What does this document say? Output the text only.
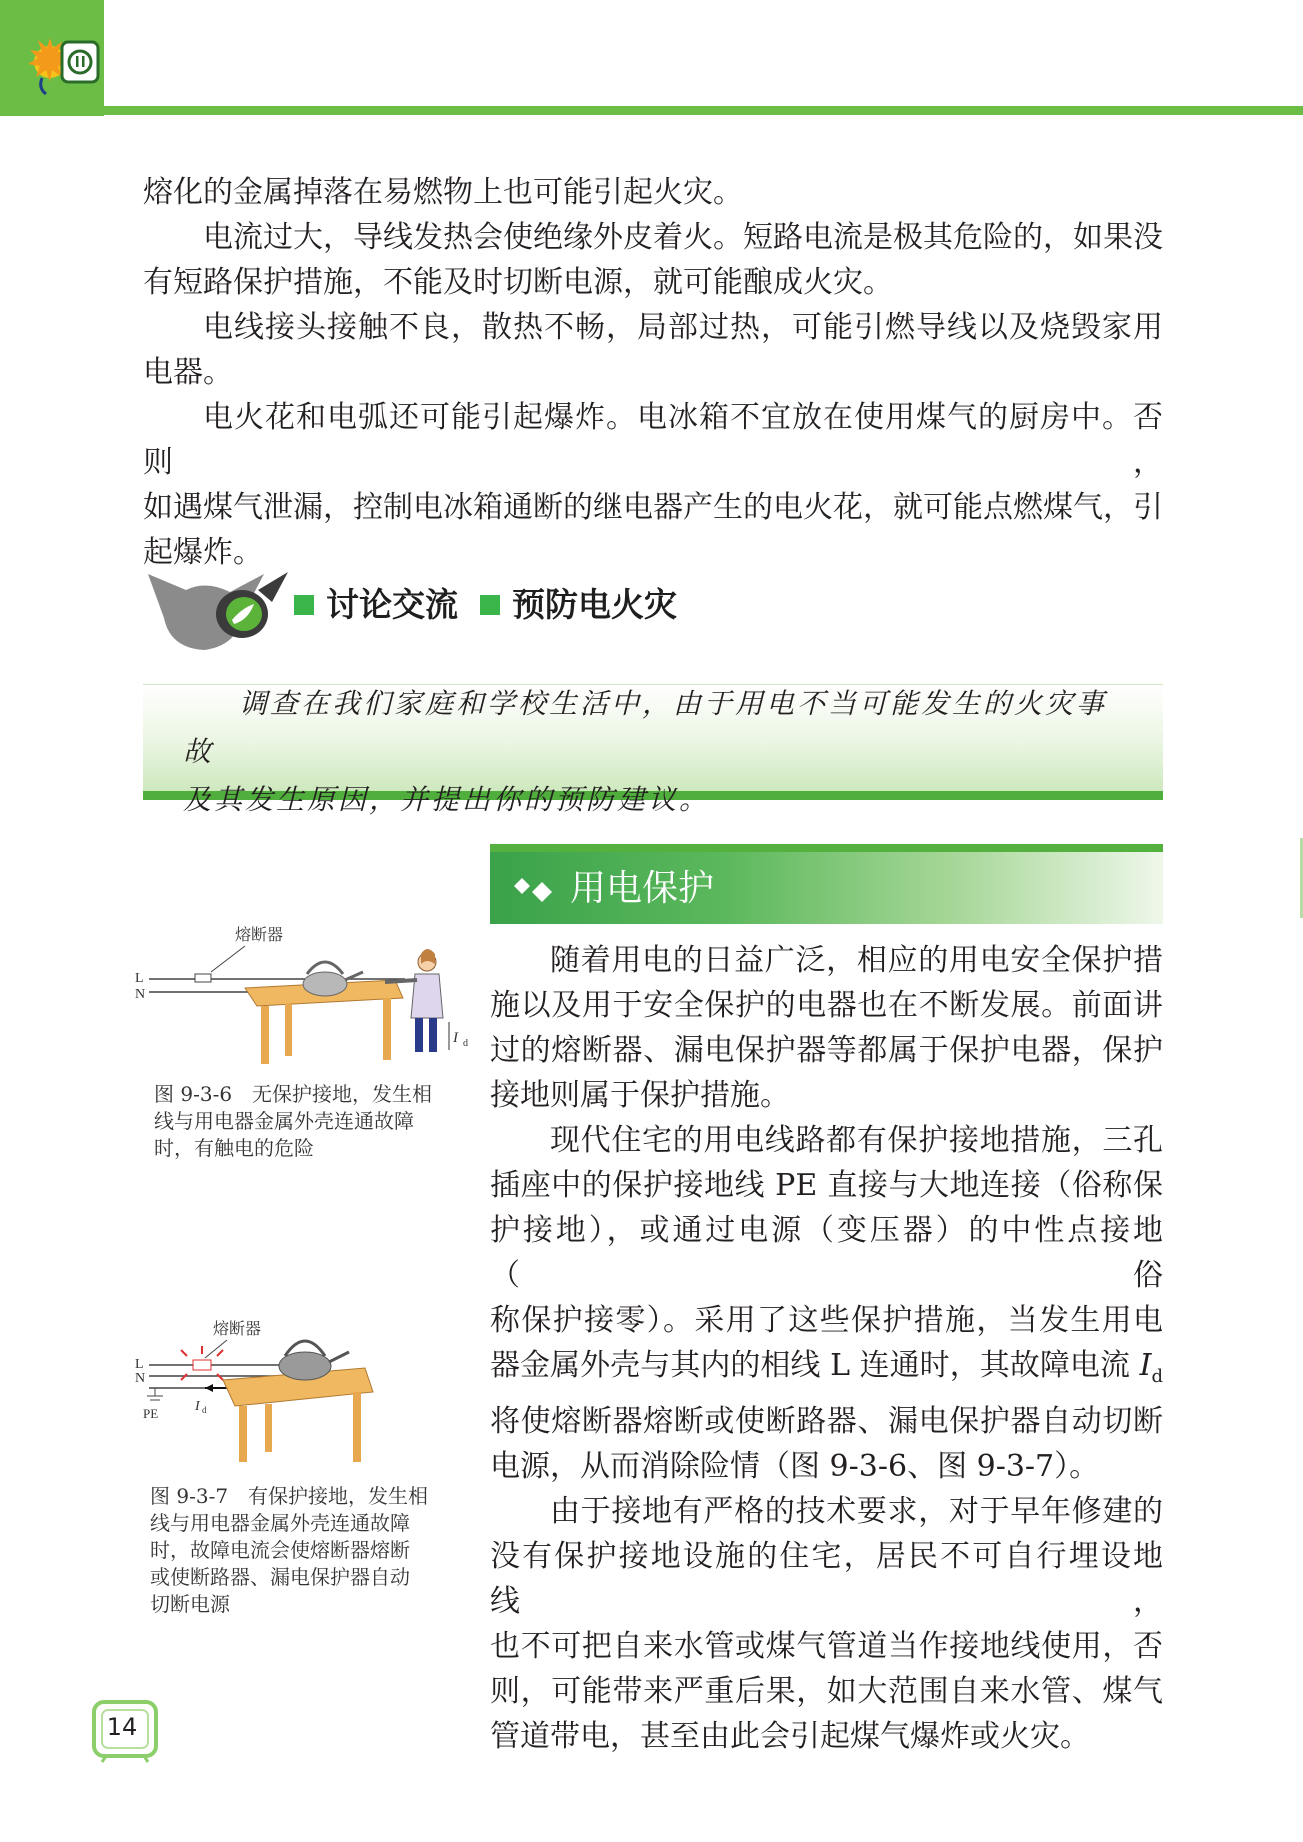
熔化的金属掉落在易燃物上也可能引起火灾。

电流过大，导线发热会使绝缘外皮着火。短路电流是极其危险的，如果没

有短路保护措施，不能及时切断电源，就可能酿成火灾。

电线接头接触不良，散热不畅，局部过热，可能引燃导线以及烧毁家用

电器。

电火花和电弧还可能引起爆炸。电冰箱不宜放在使用煤气的厨房中。否则，

如遇煤气泄漏，控制电冰箱通断的继电器产生的电火花，就可能点燃煤气，引

起爆炸。

讨论交流 预防电火灾

调查在我们家庭和学校生活中，由于用电不当可能发生的火灾事故

及其发生原因，并提出你的预防建议。

用电保护

随着用电的日益广泛，相应的用电安全保护措

施以及用于安全保护的电器也在不断发展。前面讲

过的熔断器、漏电保护器等都属于保护电器，保护

接地则属于保护措施。

现代住宅的用电线路都有保护接地措施，三孔

插座中的保护接地线 PE 直接与大地连接（俗称保

护接地），或通过电源（变压器）的中性点接地（俗

称保护接零）。采用了这些保护措施，当发生用电

器金属外壳与其内的相线 L 连通时，其故障电流 $I_d$

将使熔断器熔断或使断路器、漏电保护器自动切断

电源，从而消除险情（图 9-3-6、图 9-3-7）。

由于接地有严格的技术要求，对于早年修建的

没有保护接地设施的住宅，居民不可自行埋设地线，

也不可把自来水管或煤气管道当作接地线使用，否

则，可能带来严重后果，如大范围自来水管、煤气

管道带电，甚至由此会引起煤气爆炸或火灾。

熔断器
L
N
I d

图 9-3-6　无保护接地，发生相

线与用电器金属外壳连通故障

时，有触电的危险

熔断器
L
N
PE	I d

图 9-3-7　有保护接地，发生相

线与用电器金属外壳连通故障

时，故障电流会使熔断器熔断

或使断路器、漏电保护器自动

切断电源

14
